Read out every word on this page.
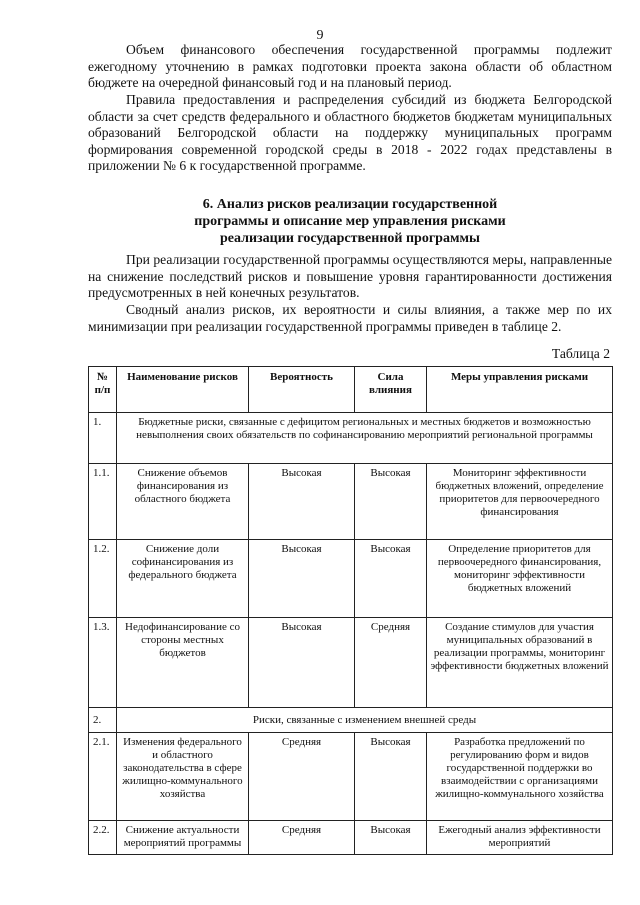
9

Объем финансового обеспечения государственной программы подлежит ежегодному уточнению в рамках подготовки проекта закона области об областном бюджете на очередной финансовый год и на плановый период.

Правила предоставления и распределения субсидий из бюджета Белгородской области за счет средств федерального и областного бюджетов бюджетам муниципальных образований Белгородской области на поддержку муниципальных программ формирования современной городской среды в 2018 - 2022 годах представлены в приложении № 6 к государственной программе.

6. Анализ рисков реализации государственной
программы и описание мер управления рисками
реализации государственной программы

При реализации государственной программы осуществляются меры, направленные на снижение последствий рисков и повышение уровня гарантированности достижения предусмотренных в ней конечных результатов.

Сводный анализ рисков, их вероятности и силы влияния, а также мер по их минимизации при реализации государственной программы приведен в таблице 2.

Таблица 2
№ п/п	Наименование рисков	Вероятность	Сила влияния	Меры управления рисками
1.	Бюджетные риски, связанные с дефицитом региональных и местных бюджетов и возможностью невыполнения своих обязательств по софинансированию мероприятий региональной программы			
1.1.	Снижение объемов финансирования из областного бюджета	Высокая	Высокая	Мониторинг эффективности бюджетных вложений, определение приоритетов для первоочередного финансирования
1.2.	Снижение доли софинансирования из федерального бюджета	Высокая	Высокая	Определение приоритетов для первоочередного финансирования, мониторинг эффективности бюджетных вложений
1.3.	Недофинансирование со стороны местных бюджетов	Высокая	Средняя	Создание стимулов для участия муниципальных образований в реализации программы, мониторинг эффективности бюджетных вложений
2.	Риски, связанные с изменением внешней среды			
2.1.	Изменения федерального и областного законодательства в сфере жилищно-коммунального хозяйства	Средняя	Высокая	Разработка предложений по регулированию форм и видов государственной поддержки во взаимодействии с организациями жилищно-коммунального хозяйства
2.2.	Снижение актуальности мероприятий программы	Средняя	Высокая	Ежегодный анализ эффективности мероприятий
